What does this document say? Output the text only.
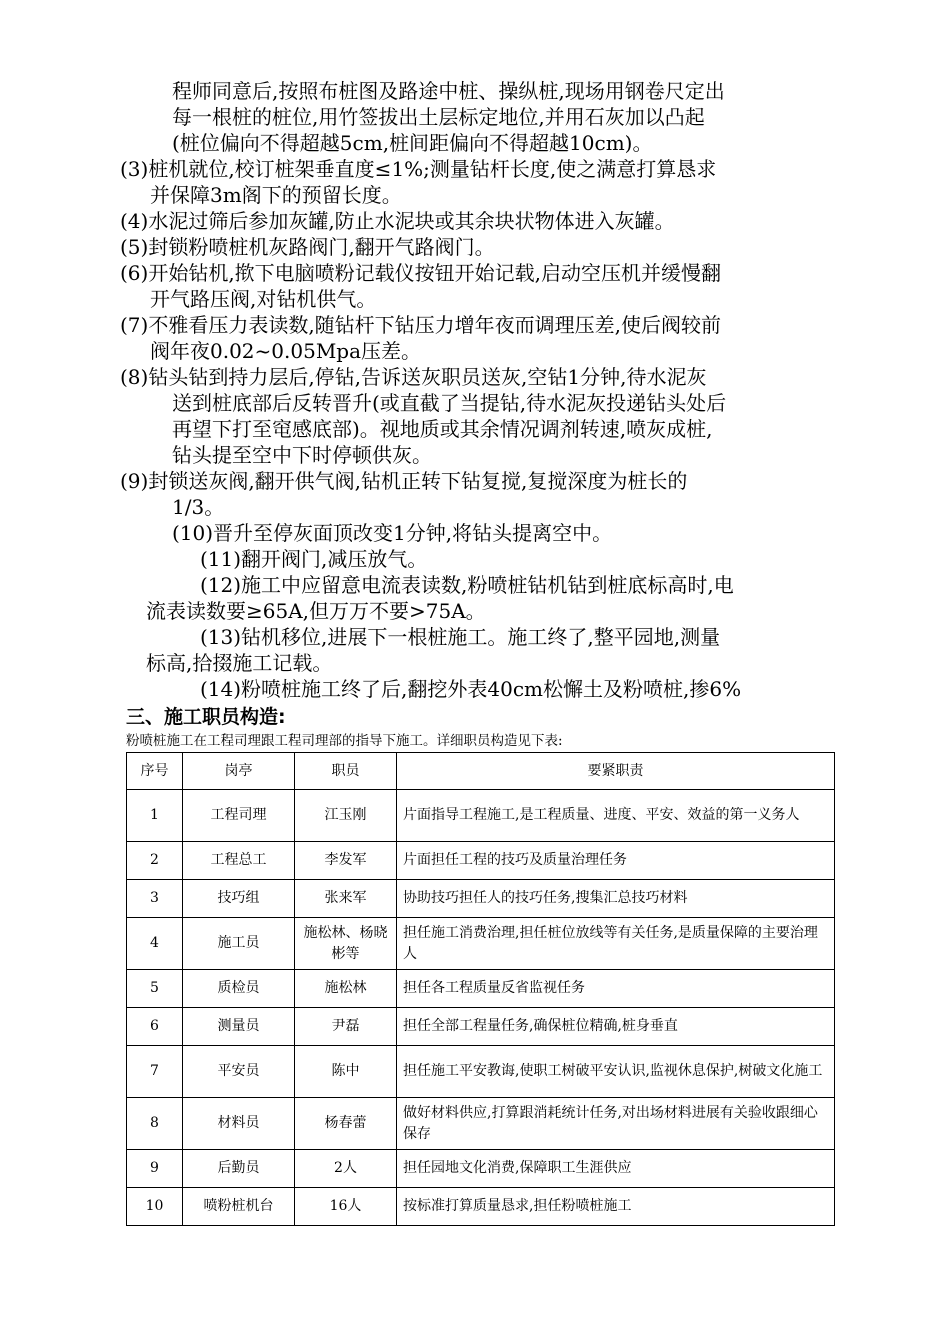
程师同意后,按照布桩图及路途中桩、操纵桩,现场用钢卷尺定出
每一根桩的桩位,用竹签拔出土层标定地位,并用石灰加以凸起
(桩位偏向不得超越5cm,桩间距偏向不得超越10cm)。
(3)桩机就位,校订桩架垂直度≤1%;测量钻杆长度,使之满意打算恳求
并保障3m阁下的预留长度。
(4)水泥过筛后参加灰罐,防止水泥块或其余块状物体进入灰罐。
(5)封锁粉喷桩机灰路阀门,翻开气路阀门。
(6)开始钻机,揿下电脑喷粉记载仪按钮开始记载,启动空压机并缓慢翻
开气路压阀,对钻机供气。
(7)不雅看压力表读数,随钻杆下钻压力增年夜而调理压差,使后阀较前
阀年夜0.02~0.05Mpa压差。
(8)钻头钻到持力层后,停钻,告诉送灰职员送灰,空钻1分钟,待水泥灰
送到桩底部后反转晋升(或直截了当提钻,待水泥灰投递钻头处后
再望下打至窀感底部)。视地质或其余情况调剂转速,喷灰成桩,
钻头提至空中下时停顿供灰。
(9)封锁送灰阀,翻开供气阀,钻机正转下钻复搅,复搅深度为桩长的
1/3。
(10)晋升至停灰面顶改变1分钟,将钻头提离空中。
(11)翻开阀门,减压放气。
(12)施工中应留意电流表读数,粉喷桩钻机钻到桩底标高时,电
流表读数要≥65A,但万万不要>75A。
(13)钻机移位,进展下一根桩施工。施工终了,整平园地,测量
标高,拾掇施工记载。
(14)粉喷桩施工终了后,翻挖外表40cm松懈土及粉喷桩,掺6%
三、施工职员构造:
粉喷桩施工在工程司理跟工程司理部的指导下施工。详细职员构造见下表:
序号	岗亭	职员	要紧职责
1	工程司理	江玉刚	片面指导工程施工,是工程质量、进度、平安、效益的第一义务人
2	工程总工	李发军	片面担任工程的技巧及质量治理任务
3	技巧组	张来军	协助技巧担任人的技巧任务,搜集汇总技巧材料
4	施工员	施松林、杨晓彬等	担任施工消费治理,担任桩位放线等有关任务,是质量保障的主要治理人
5	质检员	施松林	担任各工程质量反省监视任务
6	测量员	尹磊	担任全部工程量任务,确保桩位精确,桩身垂直
7	平安员	陈中	担任施工平安教诲,使职工树破平安认识,监视休息保护,树破文化施工
8	材料员	杨春蕾	做好材料供应,打算跟消耗统计任务,对出场材料进展有关验收跟细心保存
9	后勤员	2人	担任园地文化消费,保障职工生涯供应
10	喷粉桩机台	16人	按标准打算质量恳求,担任粉喷桩施工
